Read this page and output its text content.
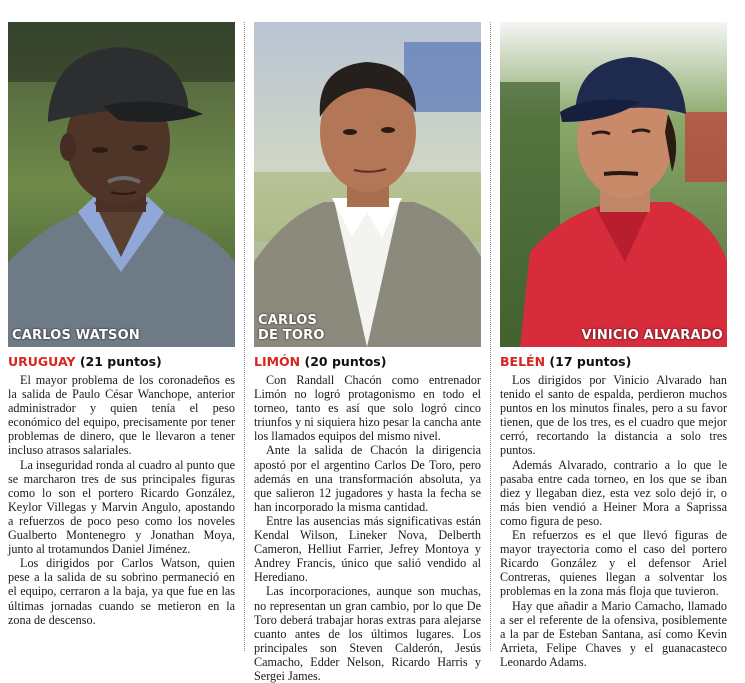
CARLOS WATSON
URUGUAY (21 puntos)

El mayor problema de los coronadeños es la salida de Paulo César Wanchope, anterior administrador y quien tenía el peso económico del equipo, precisamente por tener problemas de dinero, que le llevaron a tener incluso atrasos salariales.

La inseguridad ronda al cuadro al punto que se marcharon tres de sus principales figuras como lo son el portero Ricardo González, Keylor Villegas y Marvin Angulo, apostando a refuerzos de poco peso como los noveles Gualberto Montenegro y Jonathan Moya, junto al trotamundos Daniel Jiménez.

Los dirigidos por Carlos Watson, quien pese a la salida de su sobrino permaneció en el equipo, cerraron a la baja, ya que fue en las últimas jornadas cuando se metieron en la zona de descenso.

CARLOS
DE TORO
LIMÓN (20 puntos)

Con Randall Chacón como entrenador Limón no logró protagonismo en todo el torneo, tanto es así que solo logró cinco triunfos y ni siquiera hizo pesar la cancha ante los llamados equipos del mismo nivel.

Ante la salida de Chacón la dirigencia apostó por el argentino Carlos De Toro, pero además en una transformación absoluta, ya que salieron 12 jugadores y hasta la fecha se han incorporado la misma cantidad.

Entre las ausencias más significativas están Kendal Wilson, Lineker Nova, Delberth Cameron, Helliut Farrier, Jefrey Montoya y Andrey Francis, único que salió vendido al Herediano.

Las incorporaciones, aunque son muchas, no representan un gran cambio, por lo que De Toro deberá trabajar horas extras para alejarse cuanto antes de los últimos lugares. Los principales son Steven Calderón, Jesús Camacho, Edder Nelson, Ricardo Harris y Sergei James.

VINICIO ALVARADO
BELÉN (17 puntos)

Los dirigidos por Vinicio Alvarado han tenido el santo de espalda, perdieron muchos puntos en los minutos finales, pero a su favor tienen, que de los tres, es el cuadro que mejor cerró, recortando la distancia a solo tres puntos.

Además Alvarado, contrario a lo que le pasaba entre cada torneo, en los que se iban diez y llegaban diez, esta vez solo dejó ir, o más bien vendió a Heiner Mora a Saprissa como figura de peso.

En refuerzos es el que llevó figuras de mayor trayectoria como el caso del portero Ricardo González y el defensor Ariel Contreras, quienes llegan a solventar los problemas en la zona más floja que tuvieron.

Hay que añadir a Mario Camacho, llamado a ser el referente de la ofensiva, posiblemente a la par de Esteban Santana, así como Kevin Arrieta, Felipe Chaves y el guanacasteco Leonardo Adams.
